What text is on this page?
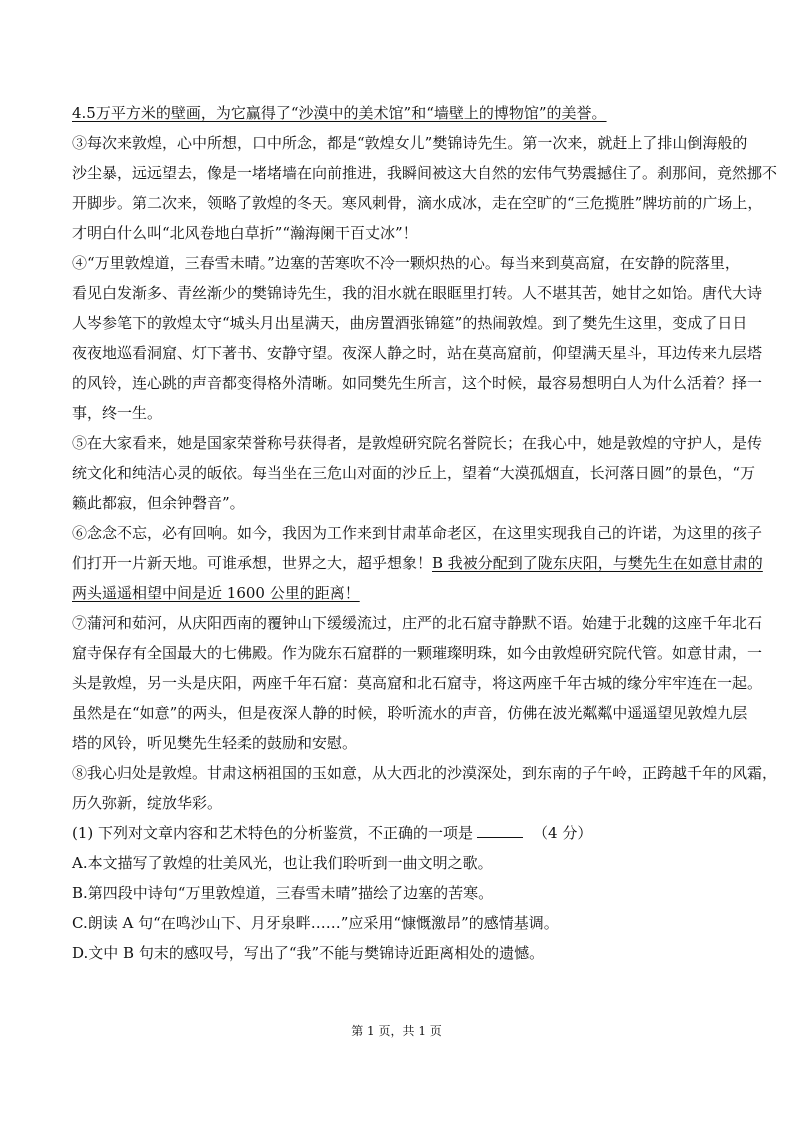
4.5万平方米的壁画，为它赢得了“沙漠中的美术馆”和“墙壁上的博物馆”的美誉。
③每次来敦煌，心中所想，口中所念，都是“敦煌女儿”樊锦诗先生。第一次来，就赶上了排山倒海般的
沙尘暴，远远望去，像是一堵堵墙在向前推进，我瞬间被这大自然的宏伟气势震撼住了。刹那间，竟然挪不
开脚步。第二次来，领略了敦煌的冬天。寒风刺骨，滴水成冰，走在空旷的“三危揽胜”牌坊前的广场上，
才明白什么叫“北风卷地白草折”“瀚海阑干百丈冰”！
④“万里敦煌道，三春雪未晴。”边塞的苦寒吹不冷一颗炽热的心。每当来到莫高窟，在安静的院落里，
看见白发渐多、青丝渐少的樊锦诗先生，我的泪水就在眼眶里打转。人不堪其苦，她甘之如饴。唐代大诗
人岑参笔下的敦煌太守“城头月出星满天，曲房置酒张锦筵”的热闹敦煌。到了樊先生这里，变成了日日
夜夜地巡看洞窟、灯下著书、安静守望。夜深人静之时，站在莫高窟前，仰望满天星斗，耳边传来九层塔
的风铃，连心跳的声音都变得格外清晰。如同樊先生所言，这个时候，最容易想明白人为什么活着？择一
事，终一生。
⑤在大家看来，她是国家荣誉称号获得者，是敦煌研究院名誉院长；在我心中，她是敦煌的守护人，是传
统文化和纯洁心灵的皈依。每当坐在三危山对面的沙丘上，望着“大漠孤烟直，长河落日圆”的景色，“万
籁此都寂，但余钟磬音”。
⑥念念不忘，必有回响。如今，我因为工作来到甘肃革命老区，在这里实现我自己的许诺，为这里的孩子
们打开一片新天地。可谁承想，世界之大，超乎想象！B 我被分配到了陇东庆阳，与樊先生在如意甘肃的
两头遥遥相望中间是近 1600 公里的距离！
⑦蒲河和茹河，从庆阳西南的覆钟山下缓缓流过，庄严的北石窟寺静默不语。始建于北魏的这座千年北石
窟寺保存有全国最大的七佛殿。作为陇东石窟群的一颗璀璨明珠，如今由敦煌研究院代管。如意甘肃，一
头是敦煌，另一头是庆阳，两座千年石窟：莫高窟和北石窟寺，将这两座千年古城的缘分牢牢连在一起。
虽然是在“如意”的两头，但是夜深人静的时候，聆听流水的声音，仿佛在波光粼粼中遥遥望见敦煌九层
塔的风铃，听见樊先生轻柔的鼓励和安慰。
⑧我心归处是敦煌。甘肃这柄祖国的玉如意，从大西北的沙漠深处，到东南的子午岭，正跨越千年的风霜，
历久弥新，绽放华彩。
(1) 下列对文章内容和艺术特色的分析鉴赏，不正确的一项是	（4 分）
A.本文描写了敦煌的壮美风光，也让我们聆听到一曲文明之歌。
B.第四段中诗句“万里敦煌道，三春雪未晴”描绘了边塞的苦寒。
C.朗读 A 句“在鸣沙山下、月牙泉畔……”应采用“慷慨激昂”的感情基调。
D.文中 B 句末的感叹号，写出了“我”不能与樊锦诗近距离相处的遗憾。
第 1 页，共 1 页
